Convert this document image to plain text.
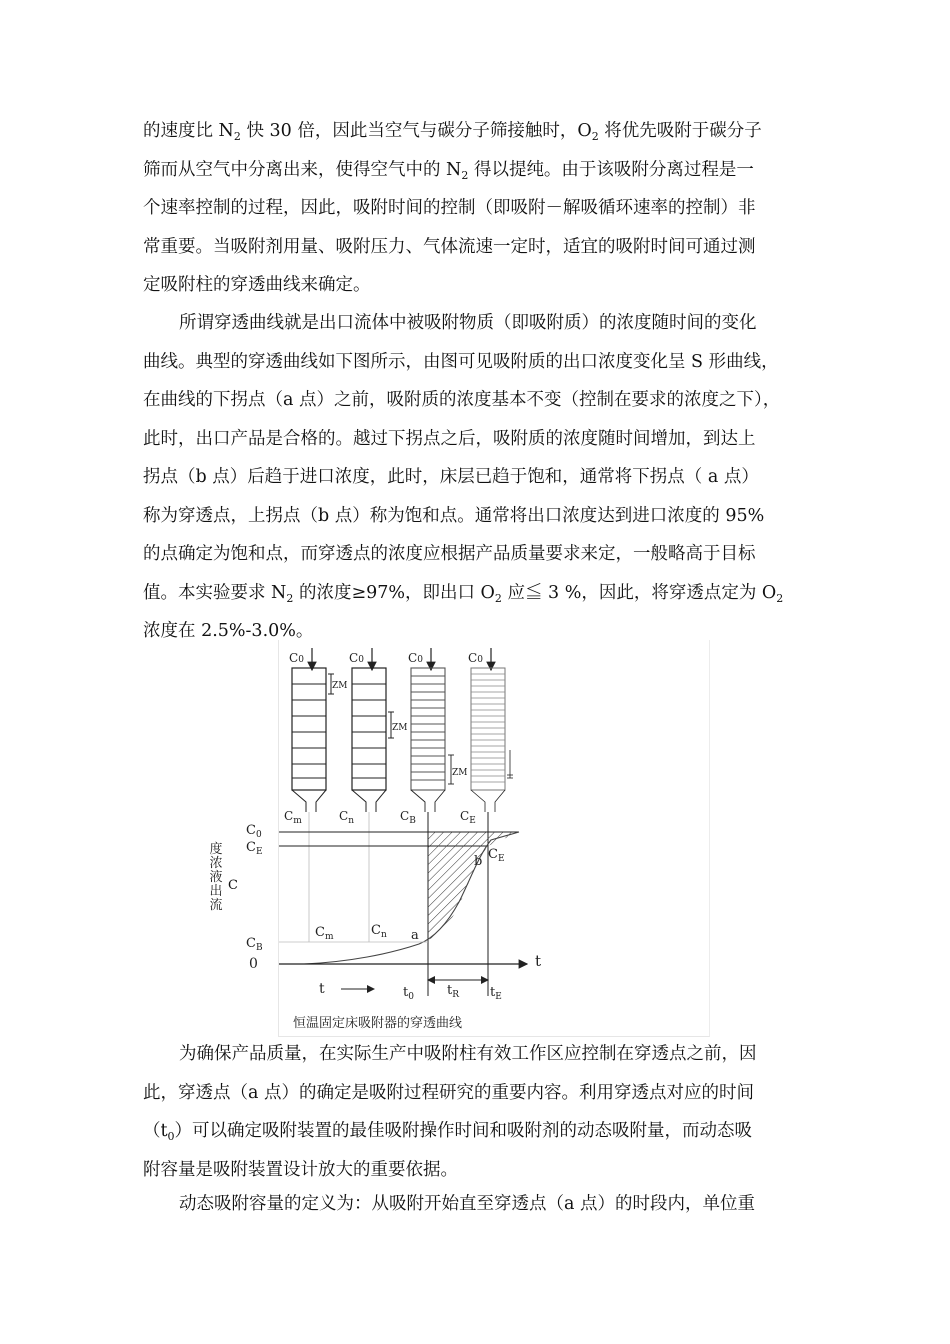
的速度比 $N_2$ 快 30 倍，因此当空气与碳分子筛接触时，$O_2$ 将优先吸附于碳分子
筛而从空气中分离出来，使得空气中的 $N_2$ 得以提纯。由于该吸附分离过程是一
个速率控制的过程，因此，吸附时间的控制（即吸附－解吸循环速率的控制）非
常重要。当吸附剂用量、吸附压力、气体流速一定时，适宜的吸附时间可通过测
定吸附柱的穿透曲线来确定。
所谓穿透曲线就是出口流体中被吸附物质（即吸附质）的浓度随时间的变化
曲线。典型的穿透曲线如下图所示，由图可见吸附质的出口浓度变化呈 S 形曲线，
在曲线的下拐点（a 点）之前，吸附质的浓度基本不变（控制在要求的浓度之下），
此时，出口产品是合格的。越过下拐点之后，吸附质的浓度随时间增加，到达上
拐点（b 点）后趋于进口浓度，此时，床层已趋于饱和，通常将下拐点（ a 点）
称为穿透点，上拐点（b 点）称为饱和点。通常将出口浓度达到进口浓度的 95%
的点确定为饱和点，而穿透点的浓度应根据产品质量要求来定，一般略高于目标
值。本实验要求 $N_2$ 的浓度≥97%，即出口 $O_2$ 应≦ 3 %，因此，将穿透点定为 $O_2$
浓度在 2.5%-3.0%。
C0	C0	C0	C0
$C_m$	$C_n$	$C_B$	$C_E$
ZM
ZM
ZM
$C_m$	$C_n$ a
b $C_E$
t
t	$t_0$	$t_R$ $t_E$
恒温固定床吸附器的穿透曲线
$C_0$
$C_E$
$C_B$
0
流
出
液
浓
度
C
为确保产品质量，在实际生产中吸附柱有效工作区应控制在穿透点之前，因
此，穿透点（a 点）的确定是吸附过程研究的重要内容。利用穿透点对应的时间
$(t_0)$可以确定吸附装置的最佳吸附操作时间和吸附剂的动态吸附量，而动态吸
附容量是吸附装置设计放大的重要依据。
动态吸附容量的定义为：从吸附开始直至穿透点（a 点）的时段内，单位重
